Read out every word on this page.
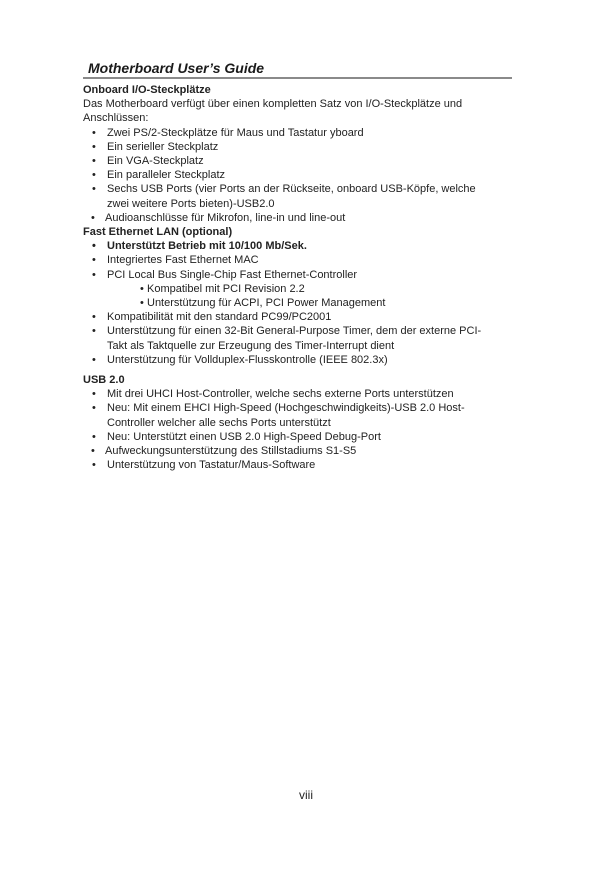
Motherboard User’s Guide
Onboard I/O-Steckplätze

Das Motherboard verfügt über einen kompletten Satz von I/O-Steckplätze und
Anschlüssen:

• Zwei PS/2-Steckplätze für Maus und Tastatur yboard
• Ein serieller Steckplatz
• Ein VGA-Steckplatz
• Ein paralleler Steckplatz
• Sechs USB Ports (vier Ports an der Rückseite, onboard USB-Köpfe, welche
zwei weitere Ports bieten)-USB2.0
• Audioanschlüsse für Mikrofon, line-in und line-out
Fast Ethernet LAN (optional)
• Unterstützt Betrieb mit 10/100 Mb/Sek.
• Integriertes Fast Ethernet MAC
• PCI Local Bus Single-Chip Fast Ethernet-Controller
• Kompatibel mit PCI Revision 2.2
• Unterstützung für ACPI, PCI Power Management
• Kompatibilität mit den standard PC99/PC2001
• Unterstützung für einen 32-Bit General-Purpose Timer, dem der externe PCI-
Takt als Taktquelle zur Erzeugung des Timer-Interrupt dient
• Unterstützung für Vollduplex-Flusskontrolle (IEEE 802.3x)
USB 2.0
• Mit drei UHCI Host-Controller, welche sechs externe Ports unterstützen
• Neu: Mit einem EHCI High-Speed (Hochgeschwindigkeits)-USB 2.0 Host-
Controller welcher alle sechs Ports unterstützt
• Neu: Unterstützt einen USB 2.0 High-Speed Debug-Port
• Aufweckungsunterstützung des Stillstadiums S1-S5
• Unterstützung von Tastatur/Maus-Software
viii
